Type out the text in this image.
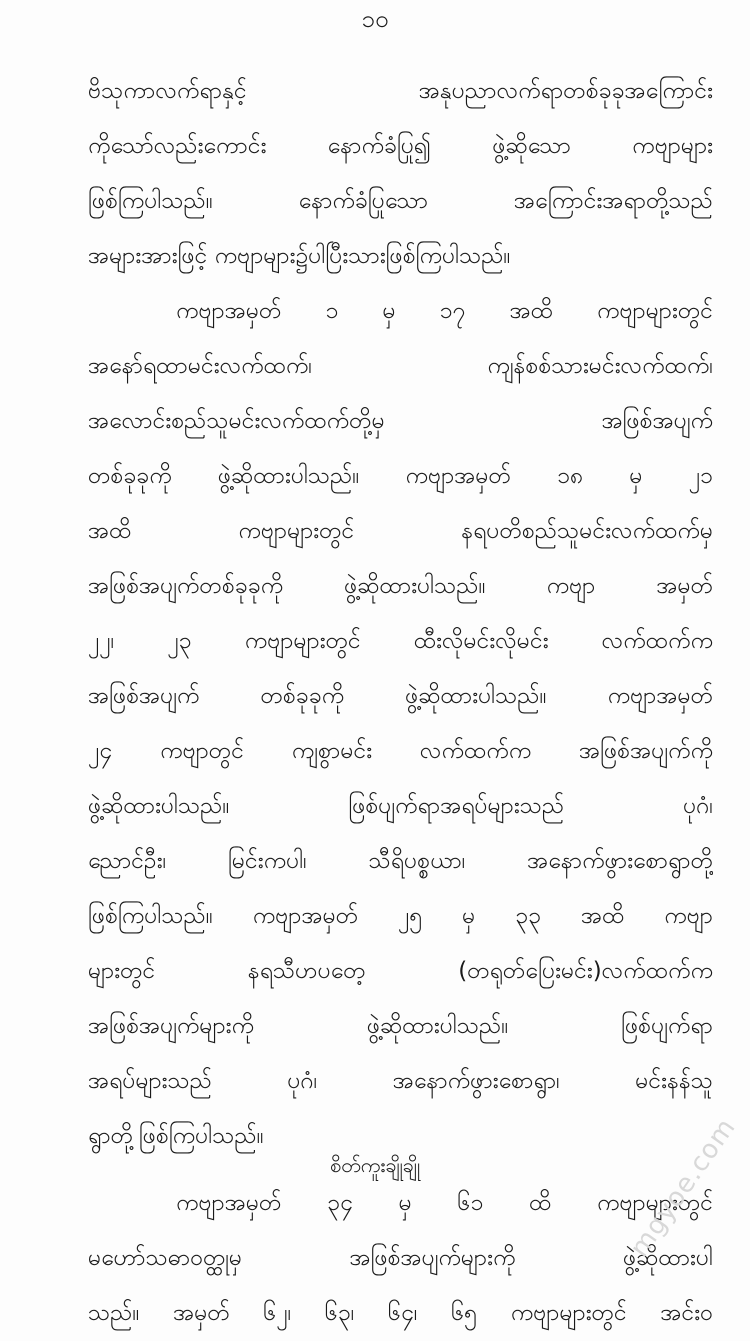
၁၀
ဗိသုကာလက်ရာနှင့် အနုပညာလက်ရာတစ်ခုခုအကြောင်း
ကိုသော်လည်းကောင်း နောက်ခံပြု၍ ဖွဲ့ဆိုသော ကဗျာများ
ဖြစ်ကြပါသည်။ နောက်ခံပြုသော အကြောင်းအရာတို့သည်
အများအားဖြင့် ကဗျာများ၌ပါပြီးသားဖြစ်ကြပါသည်။
ကဗျာအမှတ် ၁ မှ ၁၇ အထိ ကဗျာများတွင်
အနော်ရထာမင်းလက်ထက်၊ ကျန်စစ်သားမင်းလက်ထက်၊
အလောင်းစည်သူမင်းလက်ထက်တို့မှ အဖြစ်အပျက်
တစ်ခုခုကို ဖွဲ့ဆိုထားပါသည်။ ကဗျာအမှတ် ၁၈ မှ ၂၁
အထိ ကဗျာများတွင် နရပတိစည်သူမင်းလက်ထက်မှ
အဖြစ်အပျက်တစ်ခုခုကို ဖွဲ့ဆိုထားပါသည်။ ကဗျာ အမှတ်
၂၂၊ ၂၃ ကဗျာများတွင် ထီးလိုမင်းလိုမင်း လက်ထက်က
အဖြစ်အပျက် တစ်ခုခုကို ဖွဲ့ဆိုထားပါသည်။ ကဗျာအမှတ်
၂၄ ကဗျာတွင် ကျစွာမင်း လက်ထက်က အဖြစ်အပျက်ကို
ဖွဲ့ဆိုထားပါသည်။ ဖြစ်ပျက်ရာအရပ်များသည် ပုဂံ၊
ညောင်ဦး၊ မြင်းကပါ၊ သီရိပစ္စယာ၊ အနောက်ဖွားစောရွာတို့
ဖြစ်ကြပါသည်။ ကဗျာအမှတ် ၂၅ မှ ၃၃ အထိ ကဗျာ
များတွင် နရသီဟပတေ့ (တရုတ်ပြေးမင်း)လက်ထက်က
အဖြစ်အပျက်များကို ဖွဲ့ဆိုထားပါသည်။ ဖြစ်ပျက်ရာ
အရပ်များသည် ပုဂံ၊ အနောက်ဖွားစောရွာ၊ မင်းနန်သူ
ရွာတို့ဖြစ်ကြပါသည်။
ကဗျာအမှတ် ၃၄ မှ ၆၁ ထိ ကဗျာများတွင်
မဟော်သဓာဝတ္ထုမှ အဖြစ်အပျက်များကို ဖွဲ့ဆိုထားပါ
သည်။ အမှတ် ၆၂၊ ၆၃၊ ၆၄၊ ၆၅ ကဗျာများတွင် အင်းဝ
mgyoe.com
စိတ်ကူးချိုချို
